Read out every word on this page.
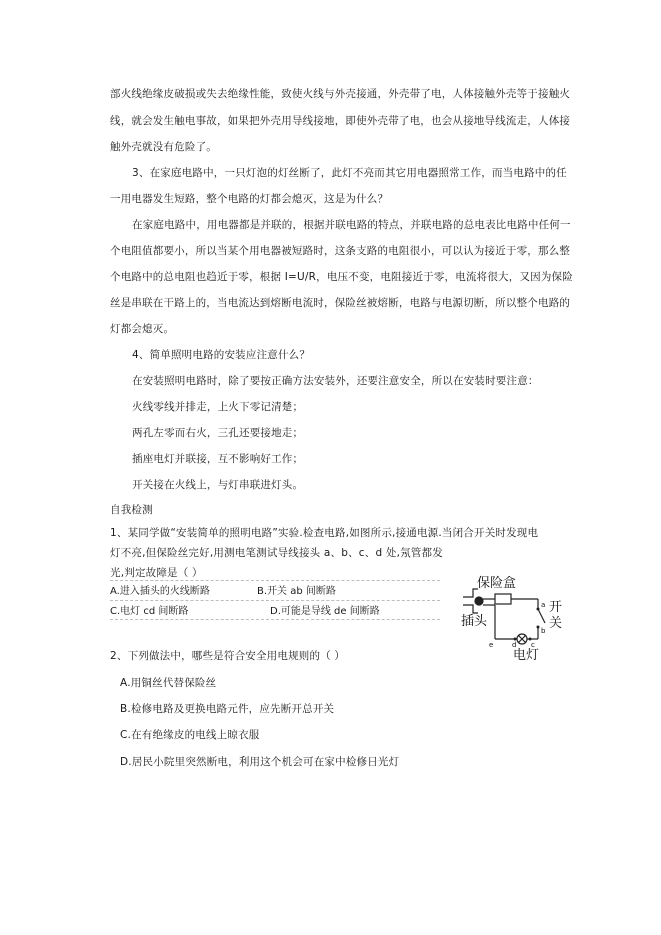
部火线绝缘皮破损或失去绝缘性能，致使火线与外壳接通，外壳带了电，人体接触外壳等于接触火
线，就会发生触电事故，如果把外壳用导线接地，即使外壳带了电，也会从接地导线流走，人体接
触外壳就没有危险了。
3、在家庭电路中，一只灯泡的灯丝断了，此灯不亮而其它用电器照常工作，而当电路中的任
一用电器发生短路，整个电路的灯都会熄灭，这是为什么？
在家庭电路中，用电器都是并联的，根据并联电路的特点，并联电路的总电表比电路中任何一
个电阻值都要小，所以当某个用电器被短路时，这条支路的电阻很小，可以认为接近于零，那么整
个电路中的总电阻也趋近于零，根据 I=U/R，电压不变，电阻接近于零，电流将很大，又因为保险
丝是串联在干路上的，当电流达到熔断电流时，保险丝被熔断，电路与电源切断，所以整个电路的
灯都会熄灭。
4、简单照明电路的安装应注意什么？
在安装照明电路时，除了要按正确方法安装外，还要注意安全，所以在安装时要注意：
火线零线并排走，上火下零记清楚；
两孔左零而右火，三孔还要接地走；
插座电灯并联接，互不影响好工作；
开关接在火线上，与灯串联进灯头。
自我检测
1、某同学做“安装简单的照明电路”实验.检查电路,如图所示,接通电源.当闭合开关时发现电
灯不亮,但保险丝完好,用测电笔测试导线接头 a、b、c、d 处,氖管都发
光,判定故障是（ ）
A.进入插头的火线断路	B.开关 ab 间断路
C.电灯 cd 间断路	D.可能是导线 de 间断路
保险盒
插头
开
关
电灯
a
b
c
d
e
2、下列做法中，哪些是符合安全用电规则的（ ）
A.用铜丝代替保险丝
B.检修电路及更换电路元件，应先断开总开关
C.在有绝缘皮的电线上晾衣服
D.居民小院里突然断电，利用这个机会可在家中检修日光灯
